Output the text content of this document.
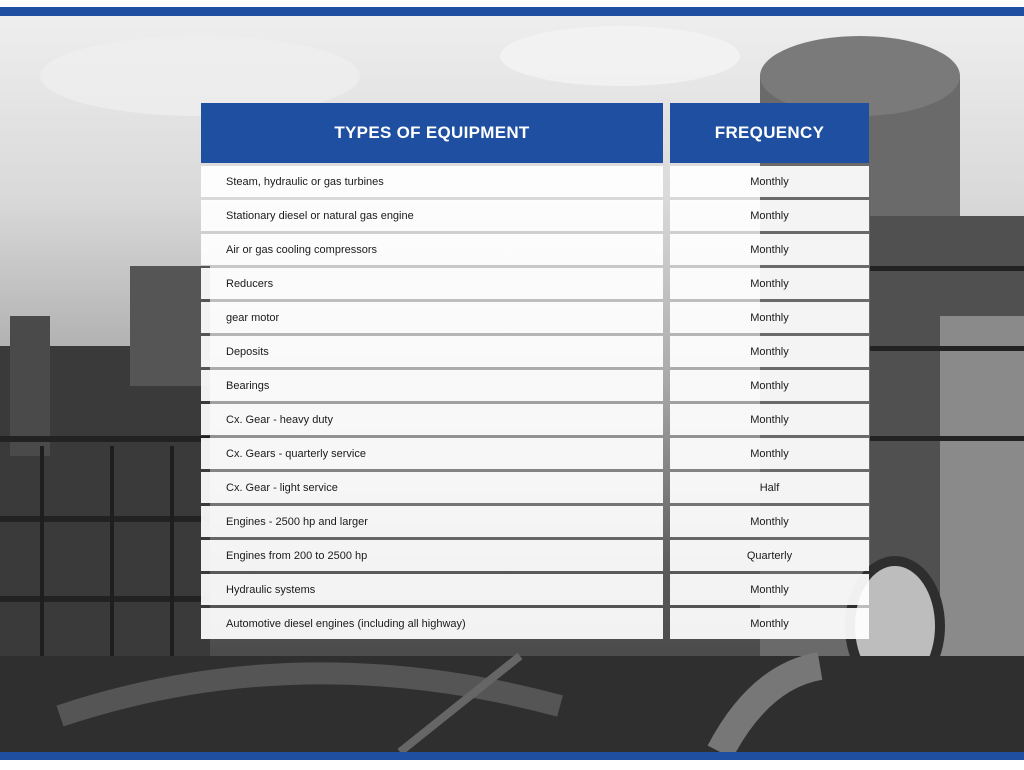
TYPES OF EQUIPMENT
Steam, hydraulic or gas turbines
Stationary diesel or natural gas engine
Air or gas cooling compressors
Reducers
gear motor
Deposits
Bearings
Cx. Gear - heavy duty
Cx. Gears - quarterly service
Cx. Gear - light service
Engines - 2500 hp and larger
Engines from 200 to 2500 hp
Hydraulic systems
Automotive diesel engines (including all highway)
FREQUENCY
Monthly
Monthly
Monthly
Monthly
Monthly
Monthly
Monthly
Monthly
Monthly
Half
Monthly
Quarterly
Monthly
Monthly
